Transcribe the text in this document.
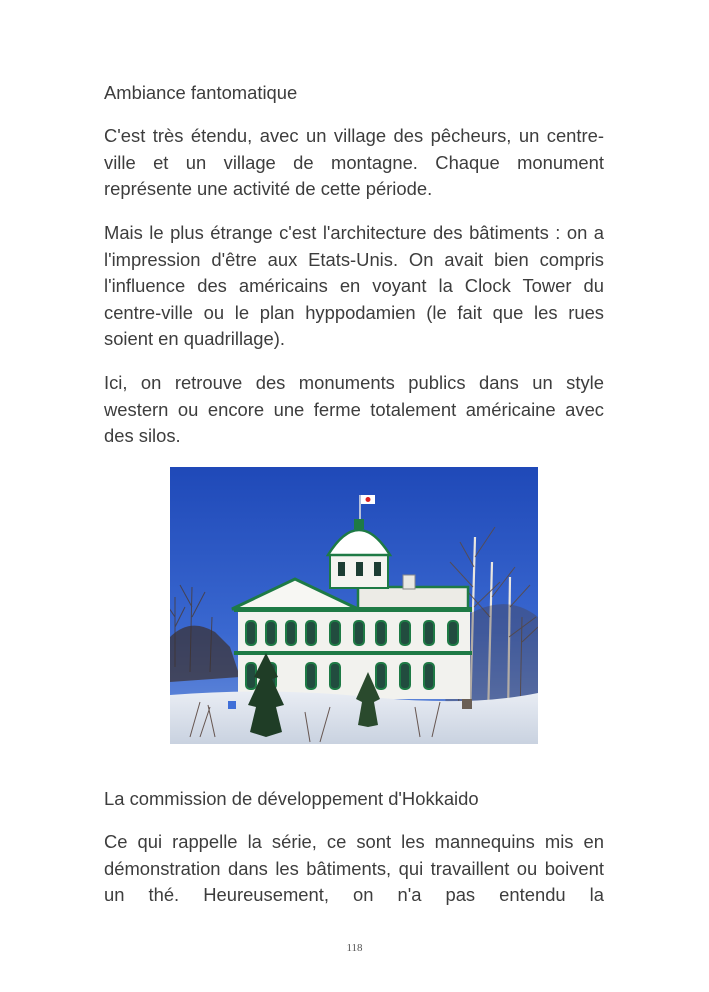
Ambiance fantomatique

C'est très étendu, avec un village des pêcheurs, un centre-ville et un village de montagne. Chaque monument représente une activité de cette période.

Mais le plus étrange c'est l'architecture des bâtiments : on a l'impression d'être aux Etats-Unis. On avait bien compris l'influence des américains en voyant la Clock Tower du centre-ville ou le plan hyppodamien (le fait que les rues soient en quadrillage).

Ici, on retrouve des monuments publics dans un style western ou encore une ferme totalement américaine avec des silos.

La commission de développement d'Hokkaido

Ce qui rappelle la série, ce sont les mannequins mis en démonstration dans les bâtiments, qui travaillent ou boivent un thé. Heureusement, on n'a pas entendu la

118
